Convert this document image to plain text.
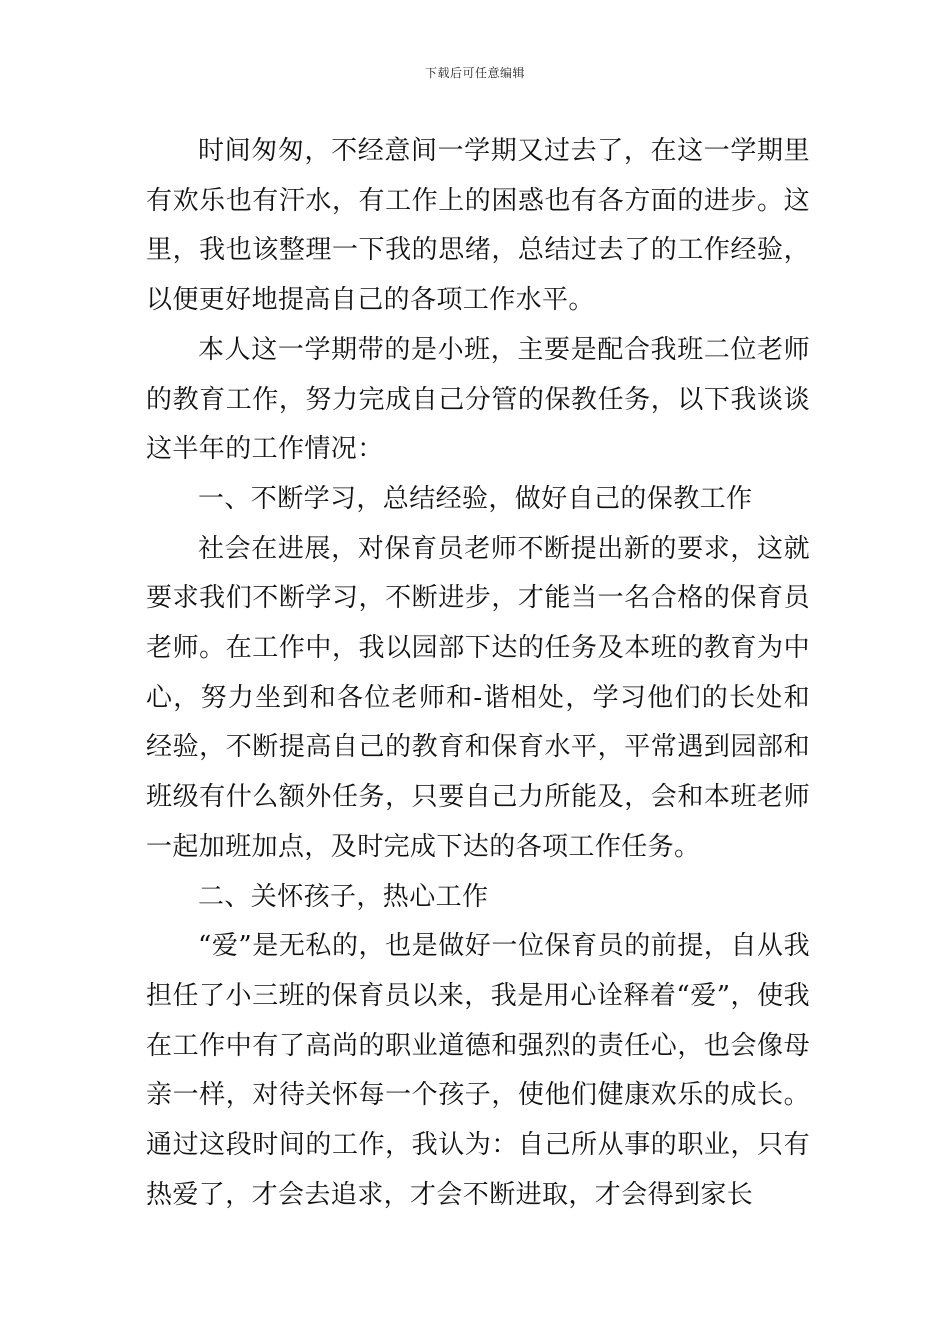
下载后可任意编辑

时间匆匆，不经意间一学期又过去了，在这一学期里有欢乐也有汗水，有工作上的困惑也有各方面的进步。这里，我也该整理一下我的思绪，总结过去了的工作经验，以便更好地提高自己的各项工作水平。

本人这一学期带的是小班，主要是配合我班二位老师的教育工作，努力完成自己分管的保教任务，以下我谈谈这半年的工作情况：

一、不断学习，总结经验，做好自己的保教工作

社会在进展，对保育员老师不断提出新的要求，这就要求我们不断学习，不断进步，才能当一名合格的保育员老师。在工作中，我以园部下达的任务及本班的教育为中心，努力坐到和各位老师和-谐相处，学习他们的长处和经验，不断提高自己的教育和保育水平，平常遇到园部和班级有什么额外任务，只要自己力所能及，会和本班老师一起加班加点，及时完成下达的各项工作任务。

二、关怀孩子，热心工作

“爱”是无私的，也是做好一位保育员的前提，自从我担任了小三班的保育员以来，我是用心诠释着“爱”，使我在工作中有了高尚的职业道德和强烈的责任心，也会像母亲一样，对待关怀每一个孩子，使他们健康欢乐的成长。通过这段时间的工作，我认为：自己所从事的职业，只有热爱了，才会去追求，才会不断进取，才会得到家长
